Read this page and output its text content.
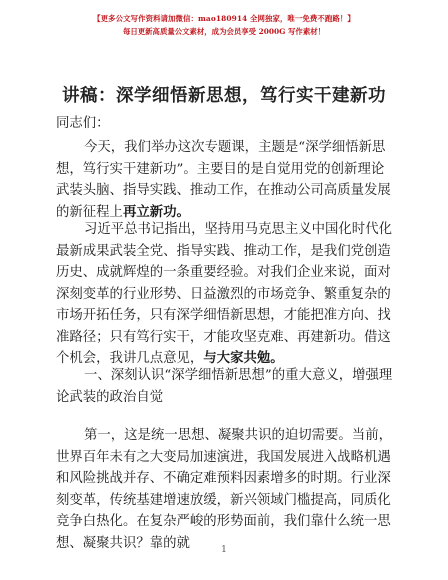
【更多公文写作资料请加微信：mao180914 全网独家，唯一免费不跑路！】
每日更新高质量公文素材，成为会员享受 2000G 写作素材！
讲稿：深学细悟新思想，笃行实干建新功
同志们：
今天，我们举办这次专题课，主题是“深学细悟新思想，笃行实干建新功”。主要目的是自觉用党的创新理论武装头脑、指导实践、推动工作，在推动公司高质量发展的新征程上再立新功。
习近平总书记指出，坚持用马克思主义中国化时代化最新成果武装全党、指导实践、推动工作，是我们党创造历史、成就辉煌的一条重要经验。对我们企业来说，面对深刻变革的行业形势、日益激烈的市场竞争、繁重复杂的市场开拓任务，只有深学细悟新思想，才能把准方向、找准路径；只有笃行实干，才能攻坚克难、再建新功。借这个机会，我讲几点意见，与大家共勉。
一、深刻认识“深学细悟新思想”的重大意义，增强理论武装的政治自觉
第一，这是统一思想、凝聚共识的迫切需要。当前，世界百年未有之大变局加速演进，我国发展进入战略机遇和风险挑战并存、不确定难预料因素增多的时期。行业深刻变革，传统基建增速放缓，新兴领域门槛提高，同质化竞争白热化。在复杂严峻的形势面前，我们靠什么统一思想、凝聚共识？靠的就	1
